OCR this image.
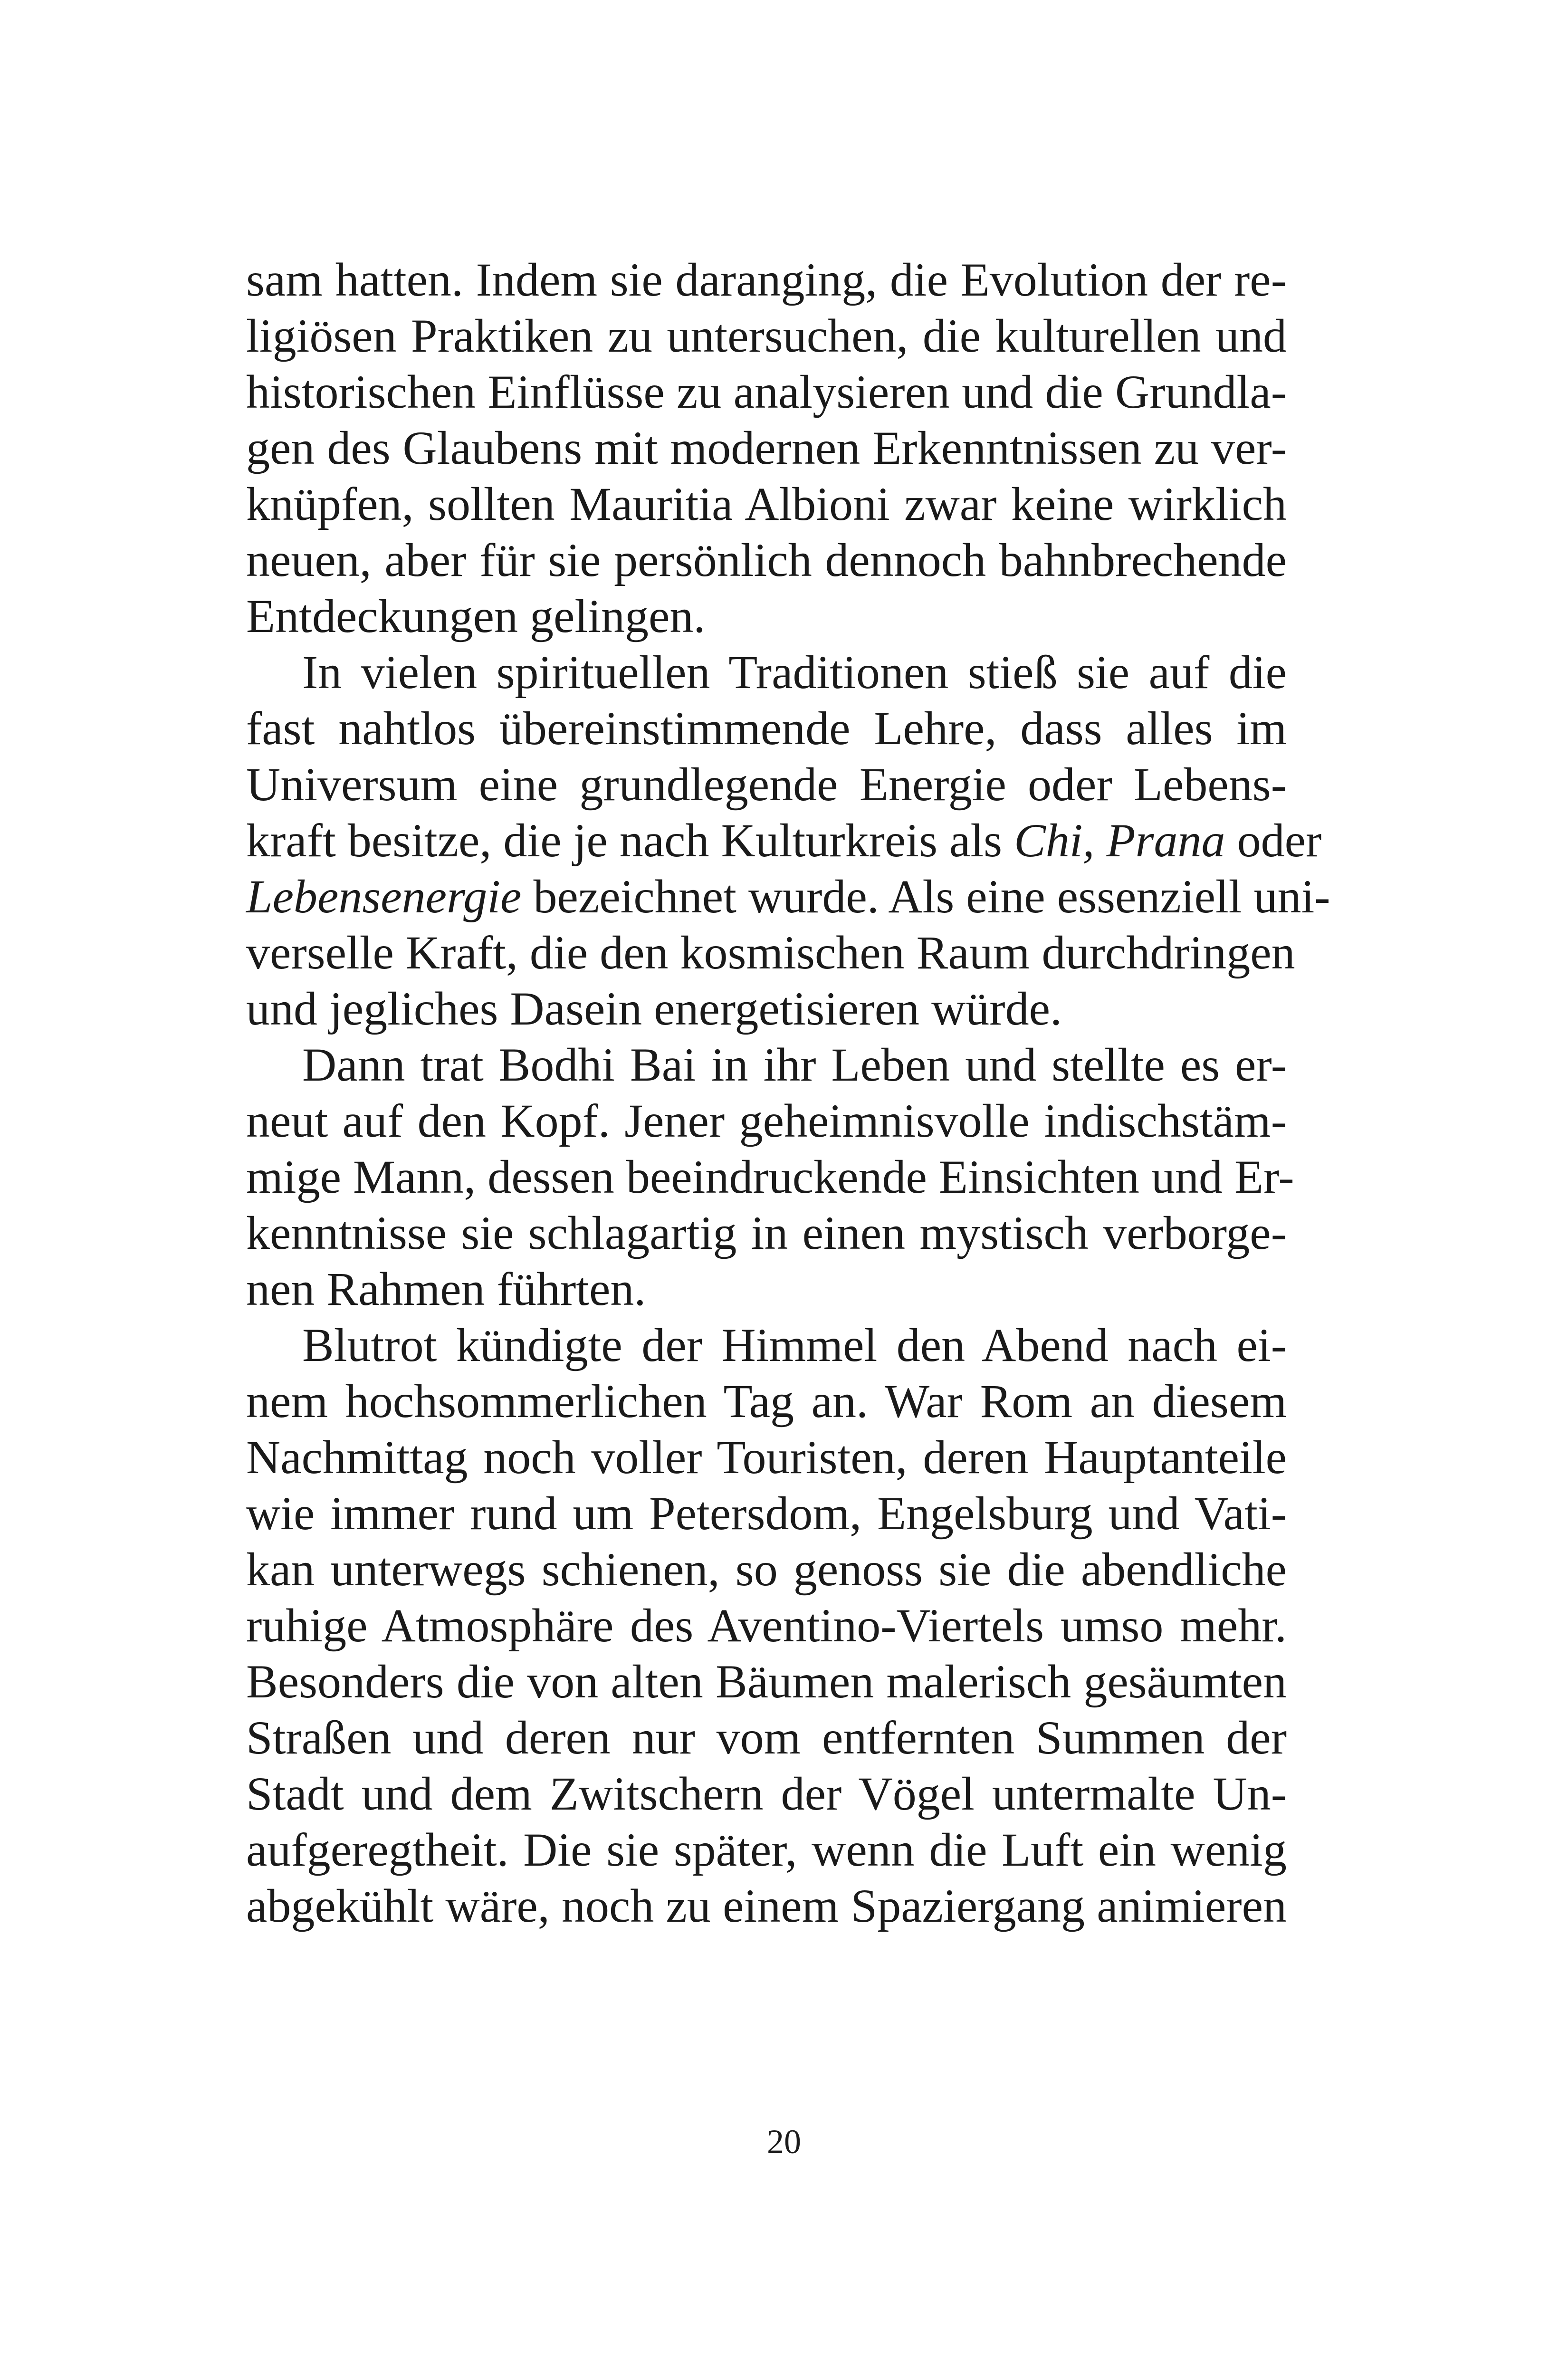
sam hatten. Indem sie daranging, die Evolution der re-
ligiösen Praktiken zu untersuchen, die kulturellen und
historischen Einflüsse zu analysieren und die Grundla-
gen des Glaubens mit modernen Erkenntnissen zu ver-
knüpfen, sollten Mauritia Albioni zwar keine wirklich
neuen, aber für sie persönlich dennoch bahnbrechende
Entdeckungen gelingen.
In vielen spirituellen Traditionen stieß sie auf die
fast nahtlos übereinstimmende Lehre, dass alles im
Universum eine grundlegende Energie oder Lebens-
kraft besitze, die je nach Kulturkreis als Chi, Prana oder
Lebensenergie bezeichnet wurde. Als eine essenziell uni-
verselle Kraft, die den kosmischen Raum durchdringen
und jegliches Dasein energetisieren würde.
Dann trat Bodhi Bai in ihr Leben und stellte es er-
neut auf den Kopf. Jener geheimnisvolle indischstäm-
mige Mann, dessen beeindruckende Einsichten und Er-
kenntnisse sie schlagartig in einen mystisch verborge-
nen Rahmen führten.
Blutrot kündigte der Himmel den Abend nach ei-
nem hochsommerlichen Tag an. War Rom an diesem
Nachmittag noch voller Touristen, deren Hauptanteile
wie immer rund um Petersdom, Engelsburg und Vati-
kan unterwegs schienen, so genoss sie die abendliche
ruhige Atmosphäre des Aventino-Viertels umso mehr.
Besonders die von alten Bäumen malerisch gesäumten
Straßen und deren nur vom entfernten Summen der
Stadt und dem Zwitschern der Vögel untermalte Un-
aufgeregtheit. Die sie später, wenn die Luft ein wenig
abgekühlt wäre, noch zu einem Spaziergang animieren
20
